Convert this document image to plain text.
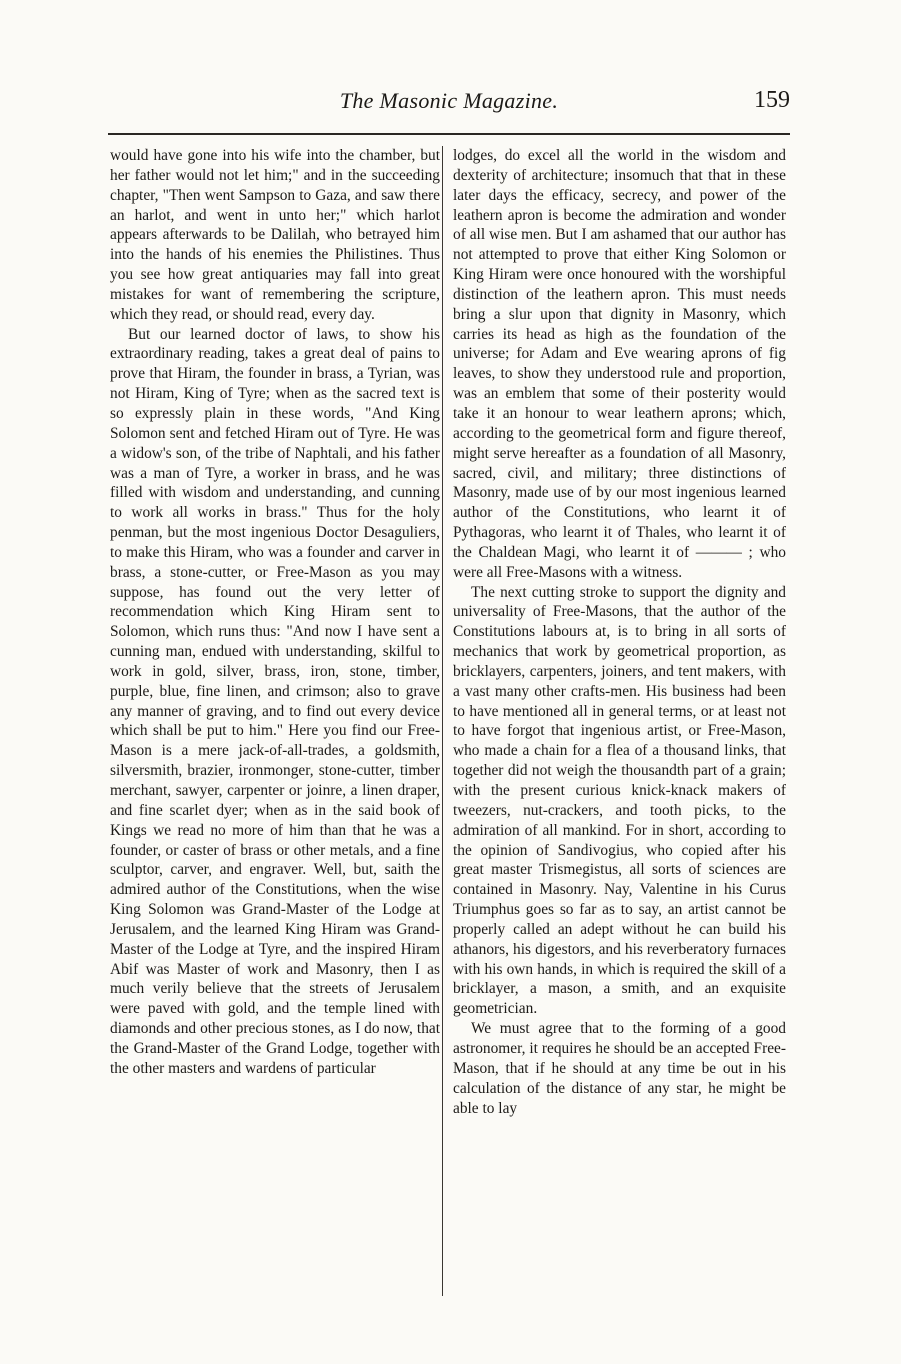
The Masonic Magazine.	159

would have gone into his wife into the chamber, but her father would not let him;" and in the succeeding chapter, "Then went Sampson to Gaza, and saw there an harlot, and went in unto her;" which harlot appears afterwards to be Dalilah, who betrayed him into the hands of his enemies the Philistines. Thus you see how great antiquaries may fall into great mistakes for want of remembering the scripture, which they read, or should read, every day.

But our learned doctor of laws, to show his extraordinary reading, takes a great deal of pains to prove that Hiram, the founder in brass, a Tyrian, was not Hiram, King of Tyre; when as the sacred text is so expressly plain in these words, "And King Solomon sent and fetched Hiram out of Tyre. He was a widow's son, of the tribe of Naphtali, and his father was a man of Tyre, a worker in brass, and he was filled with wisdom and understanding, and cunning to work all works in brass." Thus for the holy penman, but the most ingenious Doctor Desaguliers, to make this Hiram, who was a founder and carver in brass, a stone-cutter, or Free-Mason as you may suppose, has found out the very letter of recommendation which King Hiram sent to Solomon, which runs thus: "And now I have sent a cunning man, endued with understanding, skilful to work in gold, silver, brass, iron, stone, timber, purple, blue, fine linen, and crimson; also to grave any manner of graving, and to find out every device which shall be put to him." Here you find our Free-Mason is a mere jack-of-all-trades, a goldsmith, silversmith, brazier, ironmonger, stone-cutter, timber merchant, sawyer, carpenter or joinre, a linen draper, and fine scarlet dyer; when as in the said book of Kings we read no more of him than that he was a founder, or caster of brass or other metals, and a fine sculptor, carver, and engraver. Well, but, saith the admired author of the Constitutions, when the wise King Solomon was Grand-Master of the Lodge at Jerusalem, and the learned King Hiram was Grand-Master of the Lodge at Tyre, and the inspired Hiram Abif was Master of work and Masonry, then I as much verily believe that the streets of Jerusalem were paved with gold, and the temple lined with diamonds and other precious stones, as I do now, that the Grand-Master of the Grand Lodge, together with the other masters and wardens of particular

lodges, do excel all the world in the wisdom and dexterity of architecture; insomuch that that in these later days the efficacy, secrecy, and power of the leathern apron is become the admiration and wonder of all wise men. But I am ashamed that our author has not attempted to prove that either King Solomon or King Hiram were once honoured with the worshipful distinction of the leathern apron. This must needs bring a slur upon that dignity in Masonry, which carries its head as high as the foundation of the universe; for Adam and Eve wearing aprons of fig leaves, to show they understood rule and proportion, was an emblem that some of their posterity would take it an honour to wear leathern aprons; which, according to the geometrical form and figure thereof, might serve hereafter as a foundation of all Masonry, sacred, civil, and military; three distinctions of Masonry, made use of by our most ingenious learned author of the Constitutions, who learnt it of Pythagoras, who learnt it of Thales, who learnt it of the Chaldean Magi, who learnt it of ——— ; who were all Free-Masons with a witness.

The next cutting stroke to support the dignity and universality of Free-Masons, that the author of the Constitutions labours at, is to bring in all sorts of mechanics that work by geometrical proportion, as bricklayers, carpenters, joiners, and tent makers, with a vast many other crafts-men. His business had been to have mentioned all in general terms, or at least not to have forgot that ingenious artist, or Free-Mason, who made a chain for a flea of a thousand links, that together did not weigh the thousandth part of a grain; with the present curious knick-knack makers of tweezers, nut-crackers, and tooth picks, to the admiration of all mankind. For in short, according to the opinion of Sandivogius, who copied after his great master Trismegistus, all sorts of sciences are contained in Masonry. Nay, Valentine in his Curus Triumphus goes so far as to say, an artist cannot be properly called an adept without he can build his athanors, his digestors, and his reverberatory furnaces with his own hands, in which is required the skill of a bricklayer, a mason, a smith, and an exquisite geometrician.

We must agree that to the forming of a good astronomer, it requires he should be an accepted Free-Mason, that if he should at any time be out in his calculation of the distance of any star, he might be able to lay
